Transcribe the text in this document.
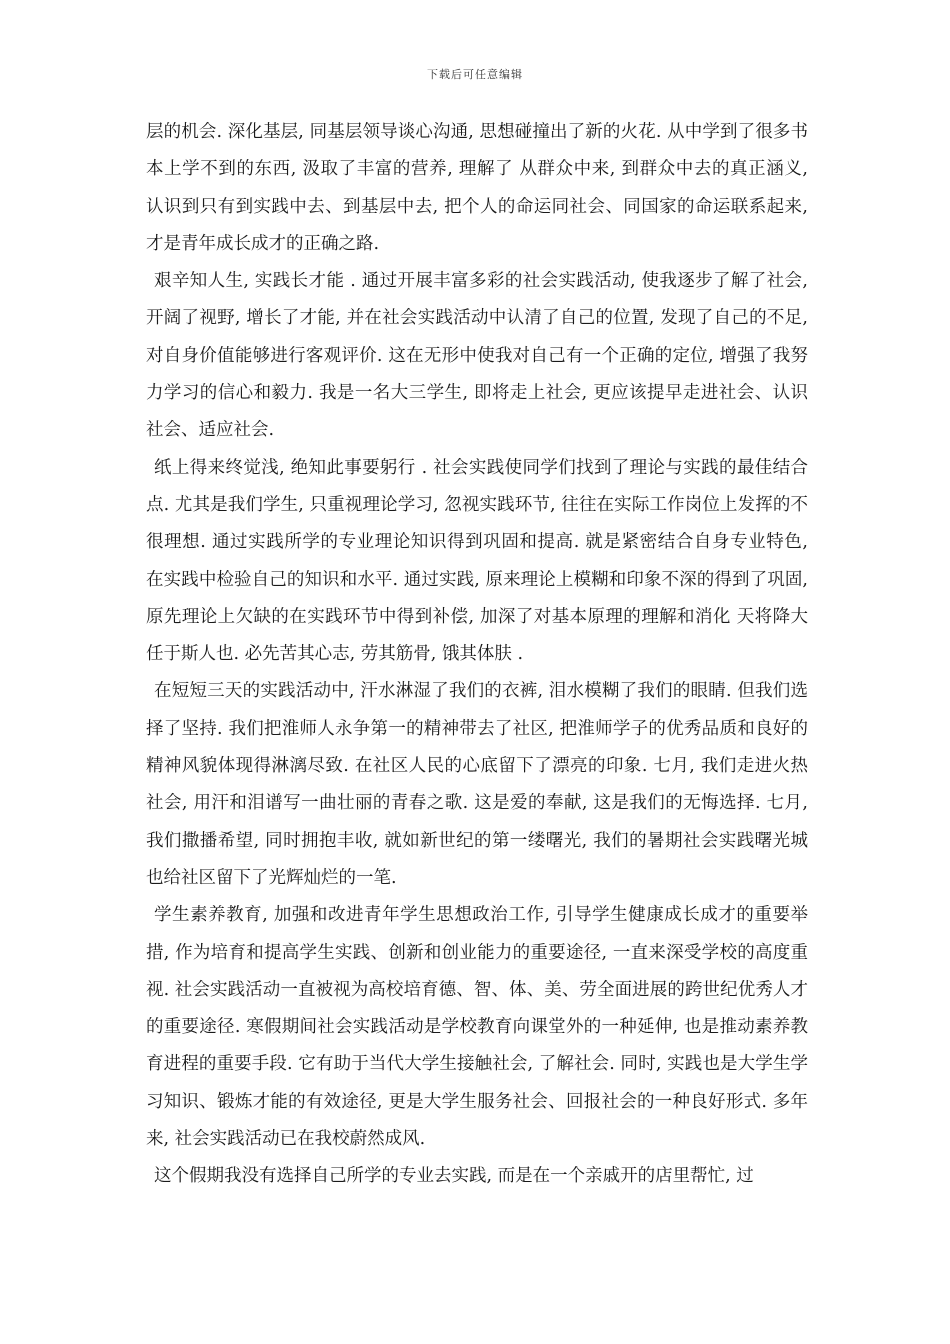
下载后可任意编辑

层的机会. 深化基层, 同基层领导谈心沟通, 思想碰撞出了新的火花. 从中学到了很多书本上学不到的东西, 汲取了丰富的营养, 理解了 从群众中来, 到群众中去的真正涵义, 认识到只有到实践中去、到基层中去, 把个人的命运同社会、同国家的命运联系起来, 才是青年成长成才的正确之路.

艰辛知人生, 实践长才能 . 通过开展丰富多彩的社会实践活动, 使我逐步了解了社会, 开阔了视野, 增长了才能, 并在社会实践活动中认清了自己的位置, 发现了自己的不足, 对自身价值能够进行客观评价. 这在无形中使我对自己有一个正确的定位, 增强了我努力学习的信心和毅力. 我是一名大三学生, 即将走上社会, 更应该提早走进社会、认识社会、适应社会.

纸上得来终觉浅, 绝知此事要躬行 . 社会实践使同学们找到了理论与实践的最佳结合点. 尤其是我们学生, 只重视理论学习, 忽视实践环节, 往往在实际工作岗位上发挥的不很理想. 通过实践所学的专业理论知识得到巩固和提高. 就是紧密结合自身专业特色, 在实践中检验自己的知识和水平. 通过实践, 原来理论上模糊和印象不深的得到了巩固, 原先理论上欠缺的在实践环节中得到补偿, 加深了对基本原理的理解和消化 天将降大任于斯人也. 必先苦其心志, 劳其筋骨, 饿其体肤 .

在短短三天的实践活动中, 汗水淋湿了我们的衣裤, 泪水模糊了我们的眼睛. 但我们选择了坚持. 我们把淮师人永争第一的精神带去了社区, 把淮师学子的优秀品质和良好的精神风貌体现得淋漓尽致. 在社区人民的心底留下了漂亮的印象. 七月, 我们走进火热社会, 用汗和泪谱写一曲壮丽的青春之歌. 这是爱的奉献, 这是我们的无悔选择. 七月, 我们撒播希望, 同时拥抱丰收, 就如新世纪的第一缕曙光, 我们的暑期社会实践曙光城也给社区留下了光辉灿烂的一笔.

学生素养教育, 加强和改进青年学生思想政治工作, 引导学生健康成长成才的重要举措, 作为培育和提高学生实践、创新和创业能力的重要途径, 一直来深受学校的高度重视. 社会实践活动一直被视为高校培育德、智、体、美、劳全面进展的跨世纪优秀人才的重要途径. 寒假期间社会实践活动是学校教育向课堂外的一种延伸, 也是推动素养教育进程的重要手段. 它有助于当代大学生接触社会, 了解社会. 同时, 实践也是大学生学习知识、锻炼才能的有效途径, 更是大学生服务社会、回报社会的一种良好形式. 多年来, 社会实践活动已在我校蔚然成风.

这个假期我没有选择自己所学的专业去实践, 而是在一个亲戚开的店里帮忙, 过
